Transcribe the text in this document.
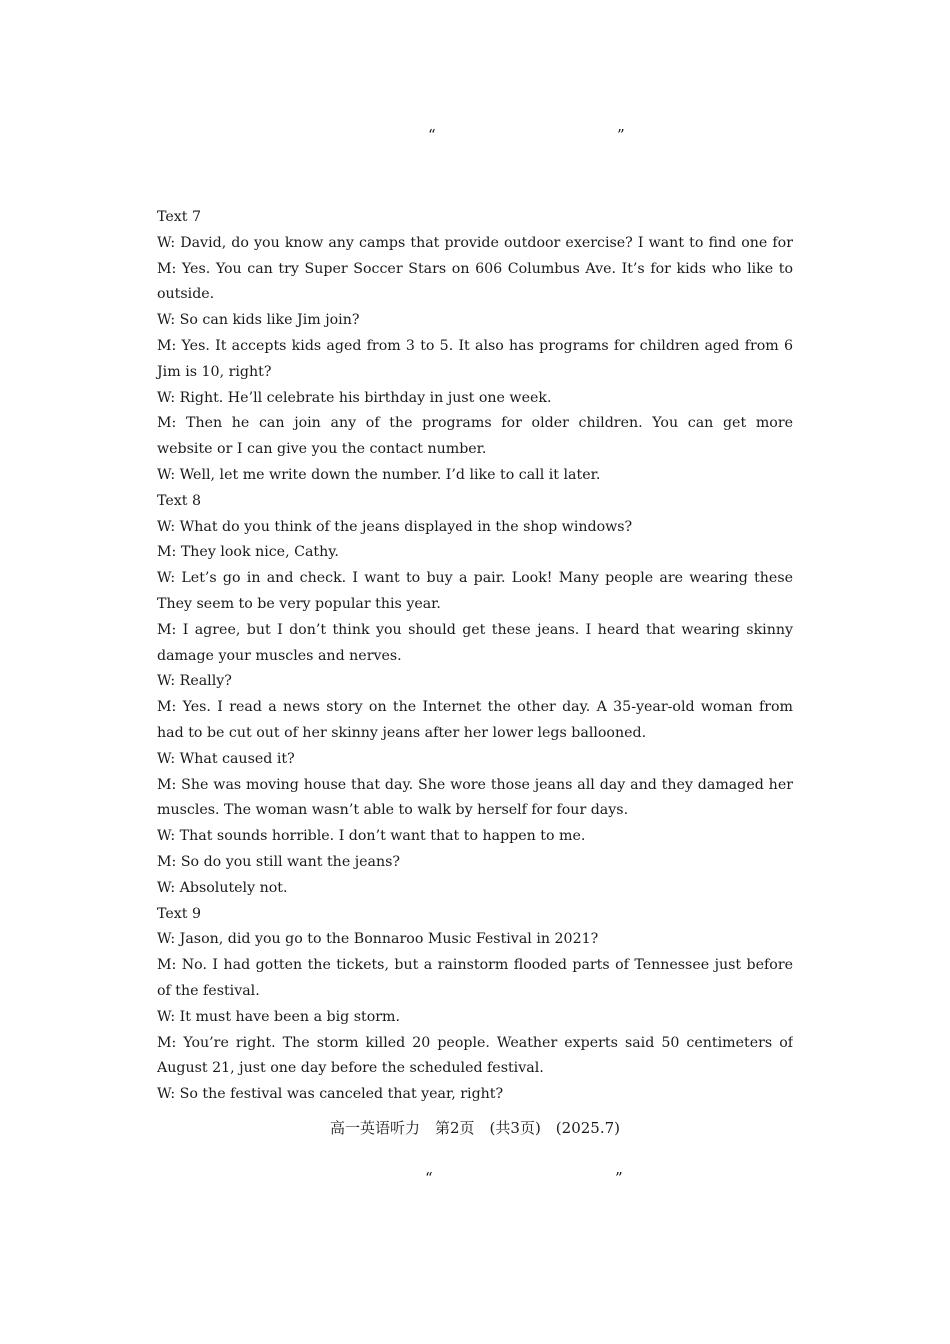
“	”
Text 7
W: David, do you know any camps that provide outdoor exercise? I want to find one for
M: Yes. You can try Super Soccer Stars on 606 Columbus Ave. It’s for kids who like to
outside.
W: So can kids like Jim join?
M: Yes. It accepts kids aged from 3 to 5. It also has programs for children aged from 6
Jim is 10, right?
W: Right. He’ll celebrate his birthday in just one week.
M: Then he can join any of the programs for older children. You can get more
website or I can give you the contact number.
W: Well, let me write down the number. I’d like to call it later.
Text 8
W: What do you think of the jeans displayed in the shop windows?
M: They look nice, Cathy.
W: Let’s go in and check. I want to buy a pair. Look! Many people are wearing these
They seem to be very popular this year.
M: I agree, but I don’t think you should get these jeans. I heard that wearing skinny
damage your muscles and nerves.
W: Really?
M: Yes. I read a news story on the Internet the other day. A 35-year-old woman from
had to be cut out of her skinny jeans after her lower legs ballooned.
W: What caused it?
M: She was moving house that day. She wore those jeans all day and they damaged her
muscles. The woman wasn’t able to walk by herself for four days.
W: That sounds horrible. I don’t want that to happen to me.
M: So do you still want the jeans?
W: Absolutely not.
Text 9
W: Jason, did you go to the Bonnaroo Music Festival in 2021?
M: No. I had gotten the tickets, but a rainstorm flooded parts of Tennessee just before
of the festival.
W: It must have been a big storm.
M: You’re right. The storm killed 20 people. Weather experts said 50 centimeters of
August 21, just one day before the scheduled festival.
W: So the festival was canceled that year, right?
高一英语听力　第2页　(共3页)　(2025.7)
“	”
